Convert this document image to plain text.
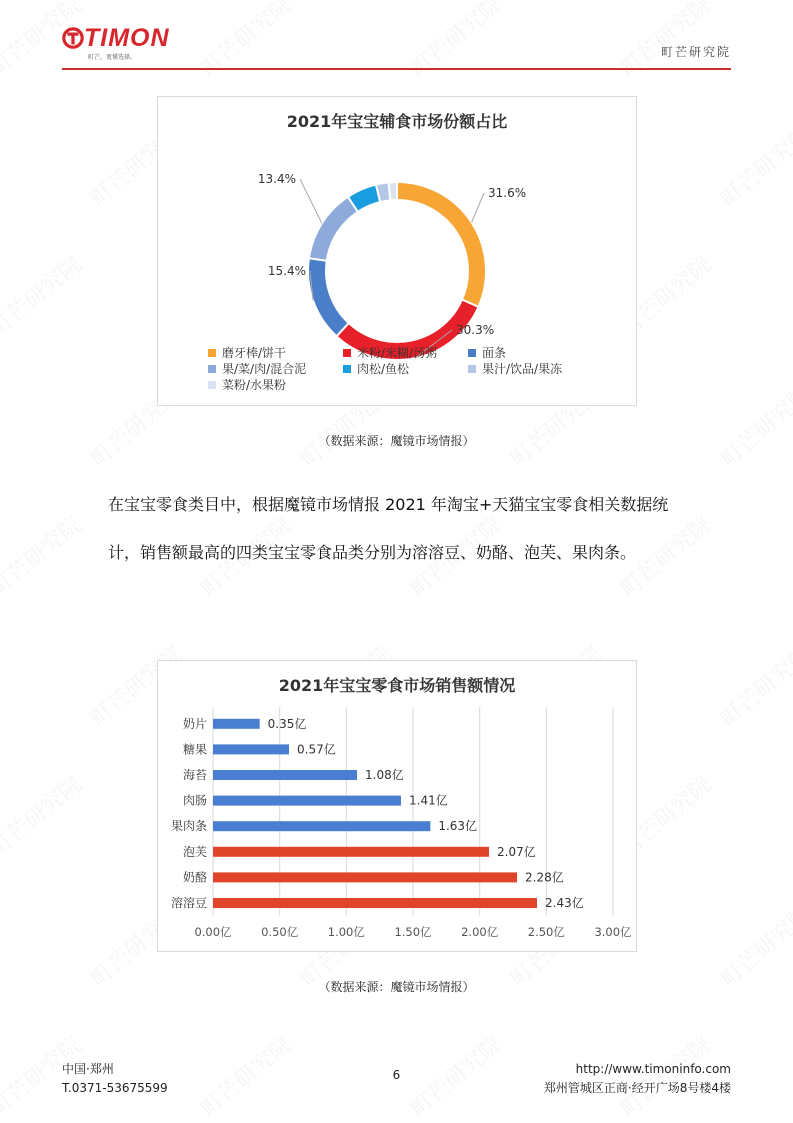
TIMON
町芒，更懂选择。	町芒研究院
2021年宝宝辅食市场份额占比
31.6%
30.3%
15.4%
13.4%
磨牙棒/饼干	米粉/米糊/汤粥	面条
果/菜/肉/混合泥	肉松/鱼松	果汁/饮品/果冻
菜粉/水果粉
（数据来源：魔镜市场情报）
在宝宝零食类目中，根据魔镜市场情报 2021 年淘宝+天猫宝宝零食相关数据统计，销售额最高的四类宝宝零食品类分别为溶溶豆、奶酪、泡芙、果肉条。
2021年宝宝零食市场销售额情况
0.00亿	0.50亿	1.00亿	1.50亿	2.00亿	2.50亿	3.00亿
奶片	0.35亿
糖果	0.57亿
海苔	1.08亿
肉肠	1.41亿
果肉条	1.63亿
泡芙	2.07亿
奶酪	2.28亿
溶溶豆	2.43亿
（数据来源：魔镜市场情报）
中国·郑州
T.0371-53675599
6	http://www.timoninfo.com
郑州管城区正商·经开广场8号楼4楼
